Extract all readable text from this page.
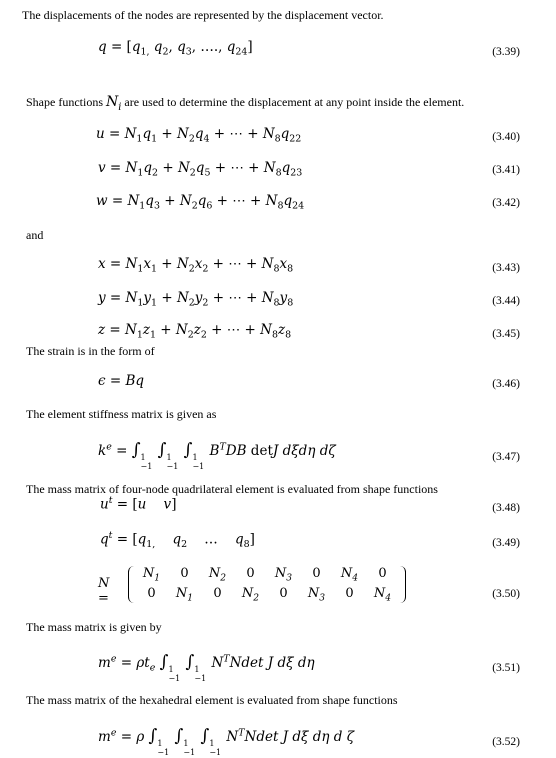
The displacements of the nodes are represented by the displacement vector.
$q = [q_{1,}$ $q_2$, $q_3$, …., $q_{24}$]	(3.39)
Shape functions $N_i$ are used to determine the displacement at any point inside the element.
$u = N_1q_1 + N_2q_4$ + ⋯ + $N_8q_{22}$	(3.40)
$v = N_1q_2 + N_2q_5$ + ⋯ + $N_8q_{23}$	(3.41)
$w = N_1q_3 + N_2q_6$ + ⋯ + $N_8q_{24}$	(3.42)
and
$x = N_1x_1 + N_2x_2$ + ⋯ + $N_8x_8$	(3.43)
$y = N_1y_1 + N_2y_2$ + ⋯ + $N_8y_8$	(3.44)
$z = N_1z_1 + N_2z_2$ + ⋯ + $N_8z_8$	(3.45)
The strain is in the form of
ϵ = Bq	(3.46)
The element stiffness matrix is given as
$k^e$ = ∫ 1
−1
∫ 1
−1
∫ 1
−1
$B^TDB$ detJ dξdη dζ	(3.47)
The mass matrix of four-node quadrilateral element is evaluated from shape functions
$u^t = [u$ v]	(3.48)
$q^t = [q_{1,}$ $q_2$    …    $q_8$]	(3.49)
N =
$N_1$	0	$N_2$	0	$N_3$	0	$N_4$	0
0	$N_1$	0	$N_2$	0	$N_3$	0	$N_4$	(3.50)
The mass matrix is given by
$m^e = \rho t_e$ ∫ 1
−1
∫ 1
−1
$N^TNdet$ J dξ dη	(3.51)
The mass matrix of the hexahedral element is evaluated from shape functions
$m^e = \rho$ ∫ 1
−1
∫ 1
−1
∫ 1
−1
$N^TNdet$ J dξ dη d ζ	(3.52)
